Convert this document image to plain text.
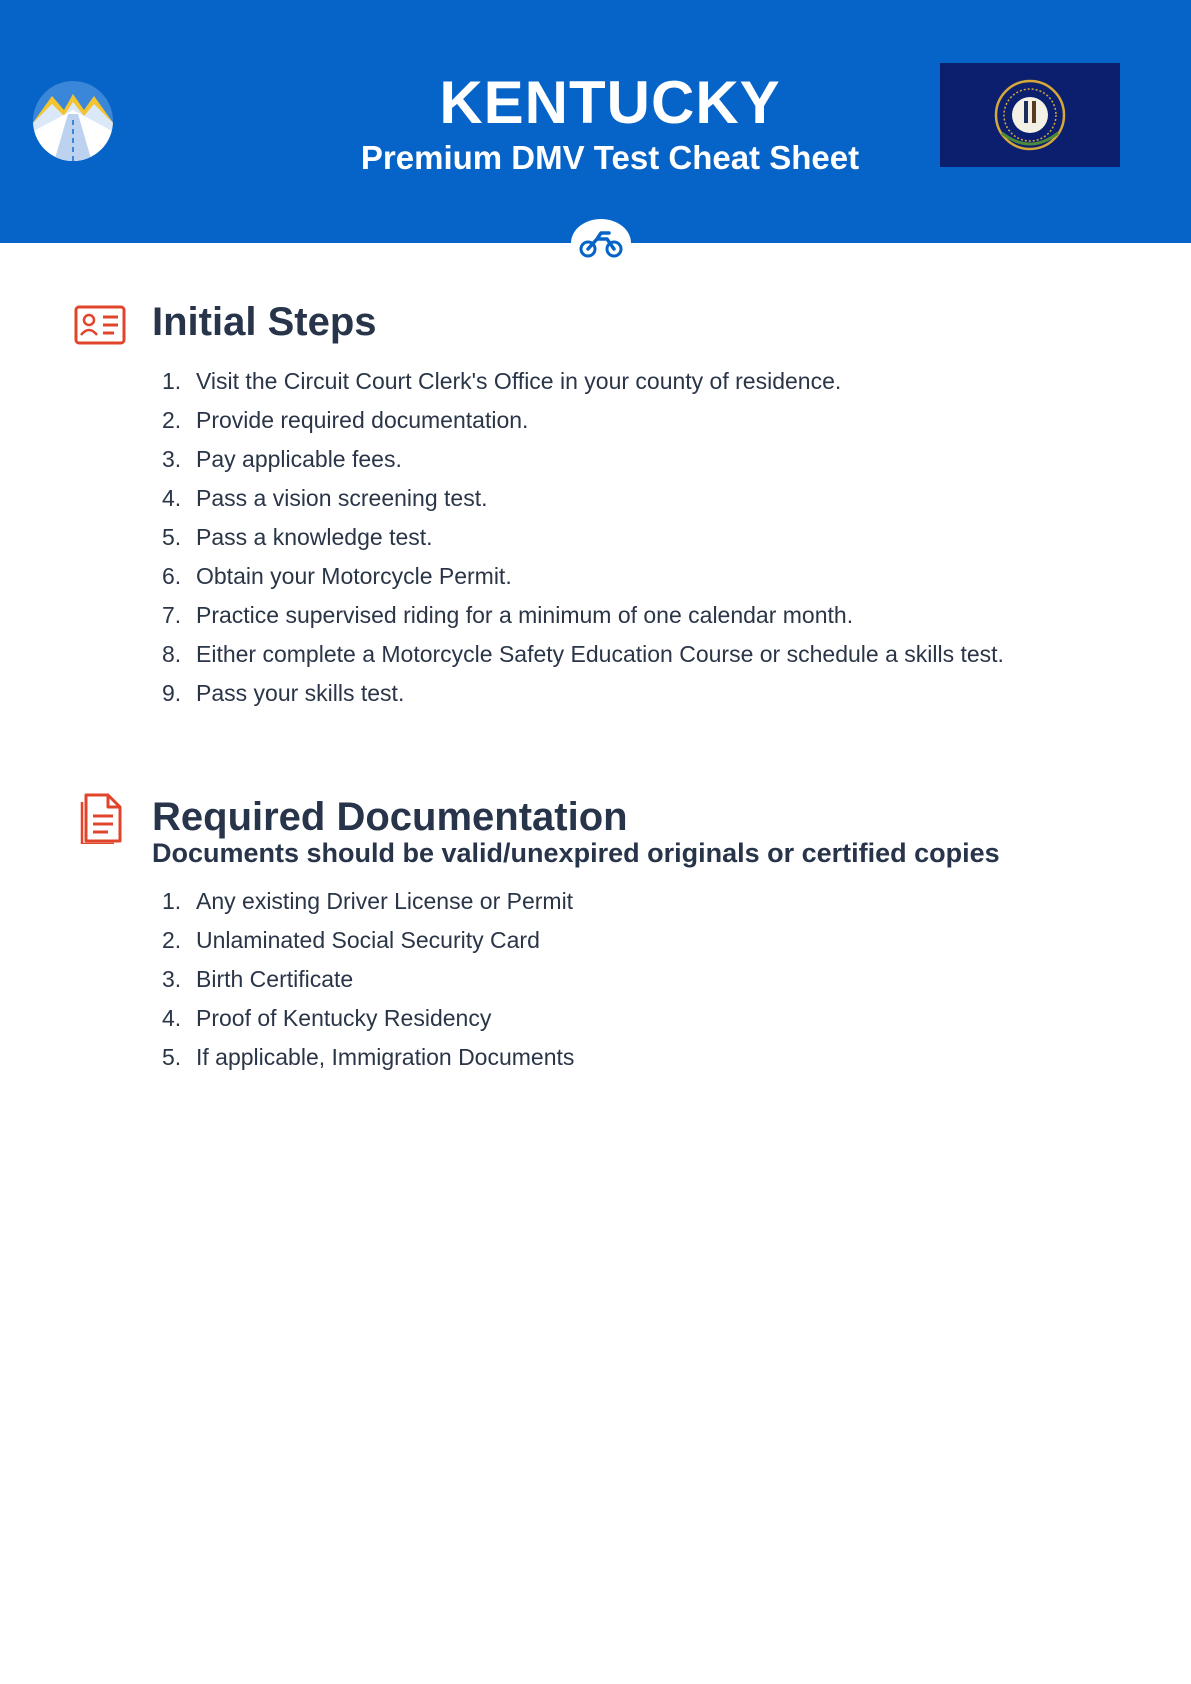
KENTUCKY
Premium DMV Test Cheat Sheet
Initial Steps
1. Visit the Circuit Court Clerk's Office in your county of residence.
2. Provide required documentation.
3. Pay applicable fees.
4. Pass a vision screening test.
5. Pass a knowledge test.
6. Obtain your Motorcycle Permit.
7. Practice supervised riding for a minimum of one calendar month.
8. Either complete a Motorcycle Safety Education Course or schedule a skills test.
9. Pass your skills test.
Required Documentation
Documents should be valid/unexpired originals or certified copies
1. Any existing Driver License or Permit
2. Unlaminated Social Security Card
3. Birth Certificate
4. Proof of Kentucky Residency
5. If applicable, Immigration Documents
